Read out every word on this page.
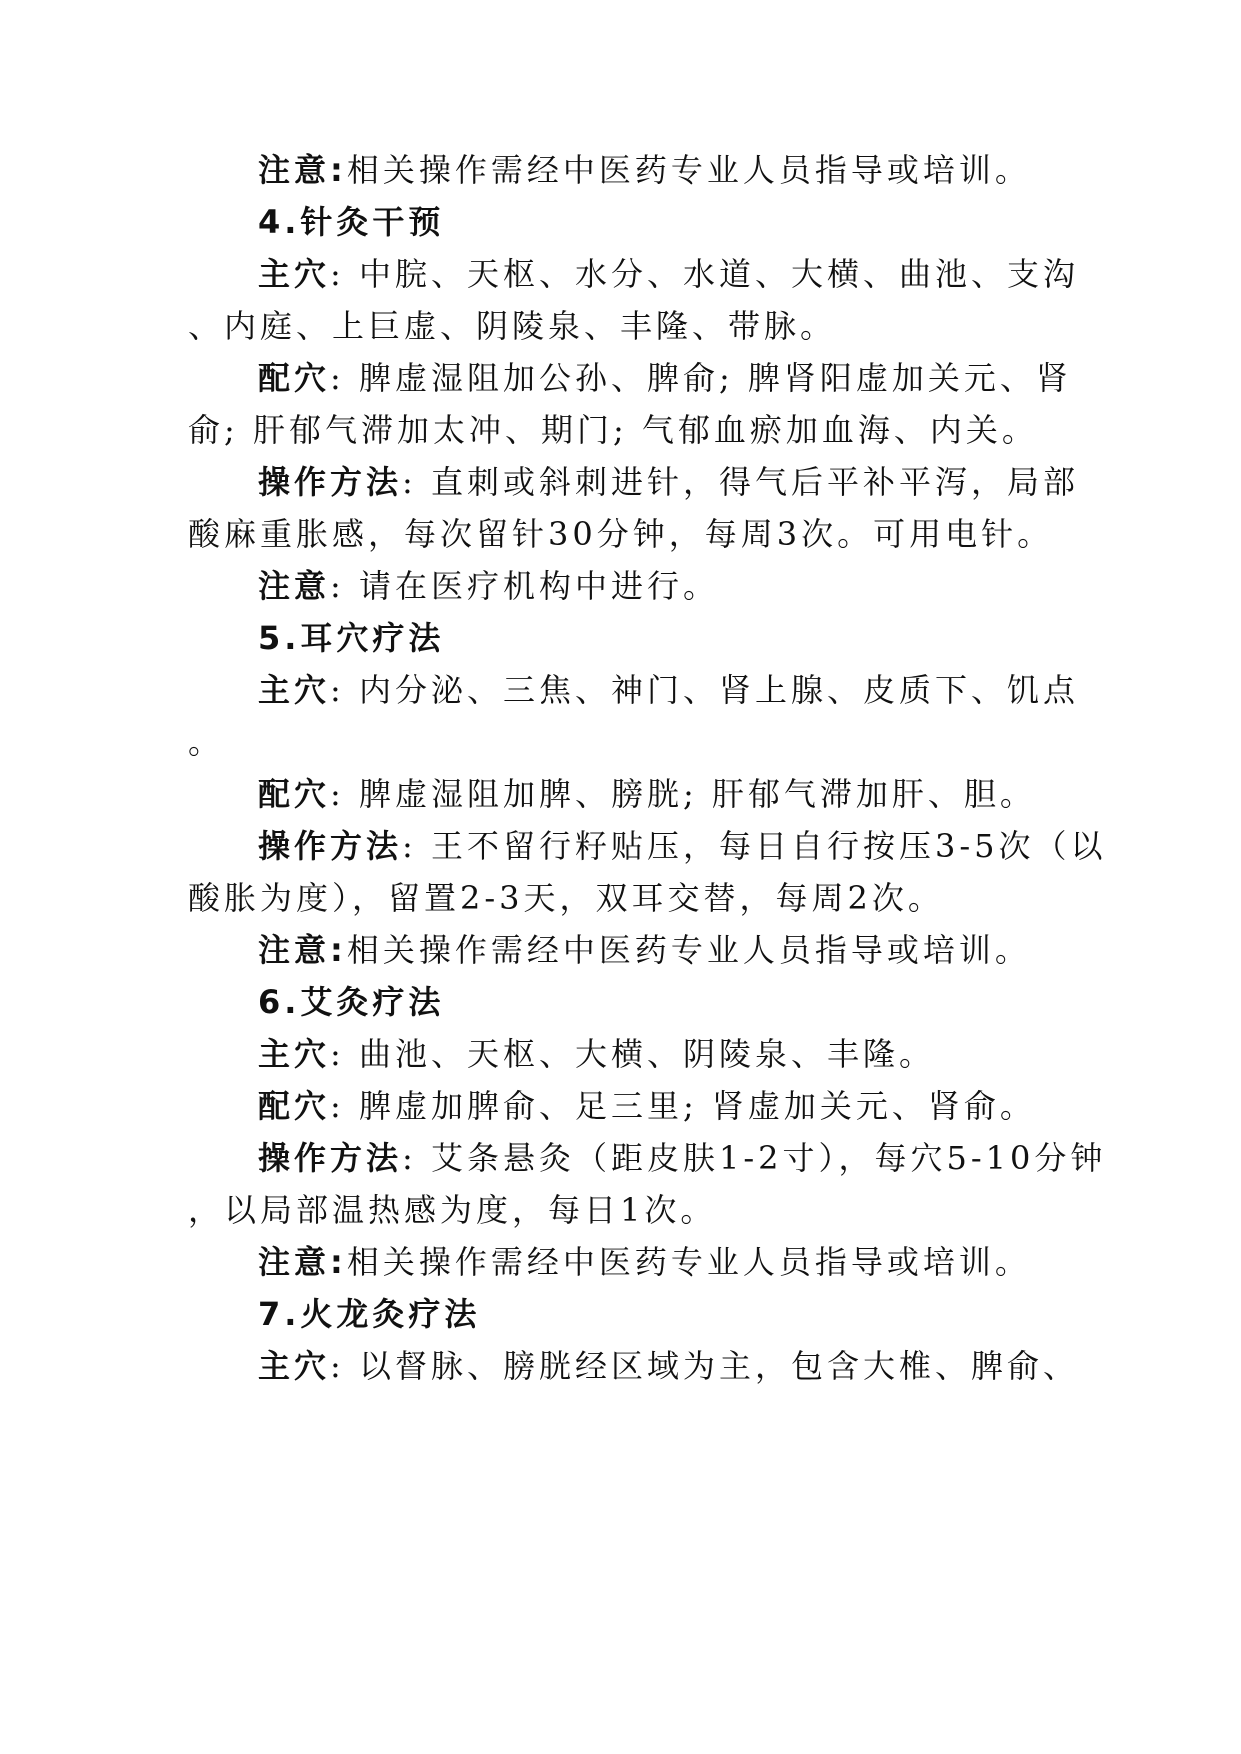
注意:相关操作需经中医药专业人员指导或培训。
4.针灸干预
主穴: 中脘、天枢、水分、水道、大横、曲池、支沟
、内庭、上巨虚、阴陵泉、丰隆、带脉。
配穴: 脾虚湿阻加公孙、脾俞; 脾肾阳虚加关元、肾
俞; 肝郁气滞加太冲、期门; 气郁血瘀加血海、内关。
操作方法: 直刺或斜刺进针，得气后平补平泻，局部
酸麻重胀感，每次留针30分钟，每周3次。可用电针。
注意: 请在医疗机构中进行。
5.耳穴疗法
主穴: 内分泌、三焦、神门、肾上腺、皮质下、饥点
。
配穴: 脾虚湿阻加脾、膀胱; 肝郁气滞加肝、胆。
操作方法: 王不留行籽贴压，每日自行按压3-5次（以
酸胀为度），留置2-3天，双耳交替，每周2次。
注意:相关操作需经中医药专业人员指导或培训。
6.艾灸疗法
主穴: 曲池、天枢、大横、阴陵泉、丰隆。
配穴: 脾虚加脾俞、足三里; 肾虚加关元、肾俞。
操作方法: 艾条悬灸（距皮肤1-2寸），每穴5-10分钟
，以局部温热感为度，每日1次。
注意:相关操作需经中医药专业人员指导或培训。
7.火龙灸疗法
主穴: 以督脉、膀胱经区域为主，包含大椎、脾俞、
